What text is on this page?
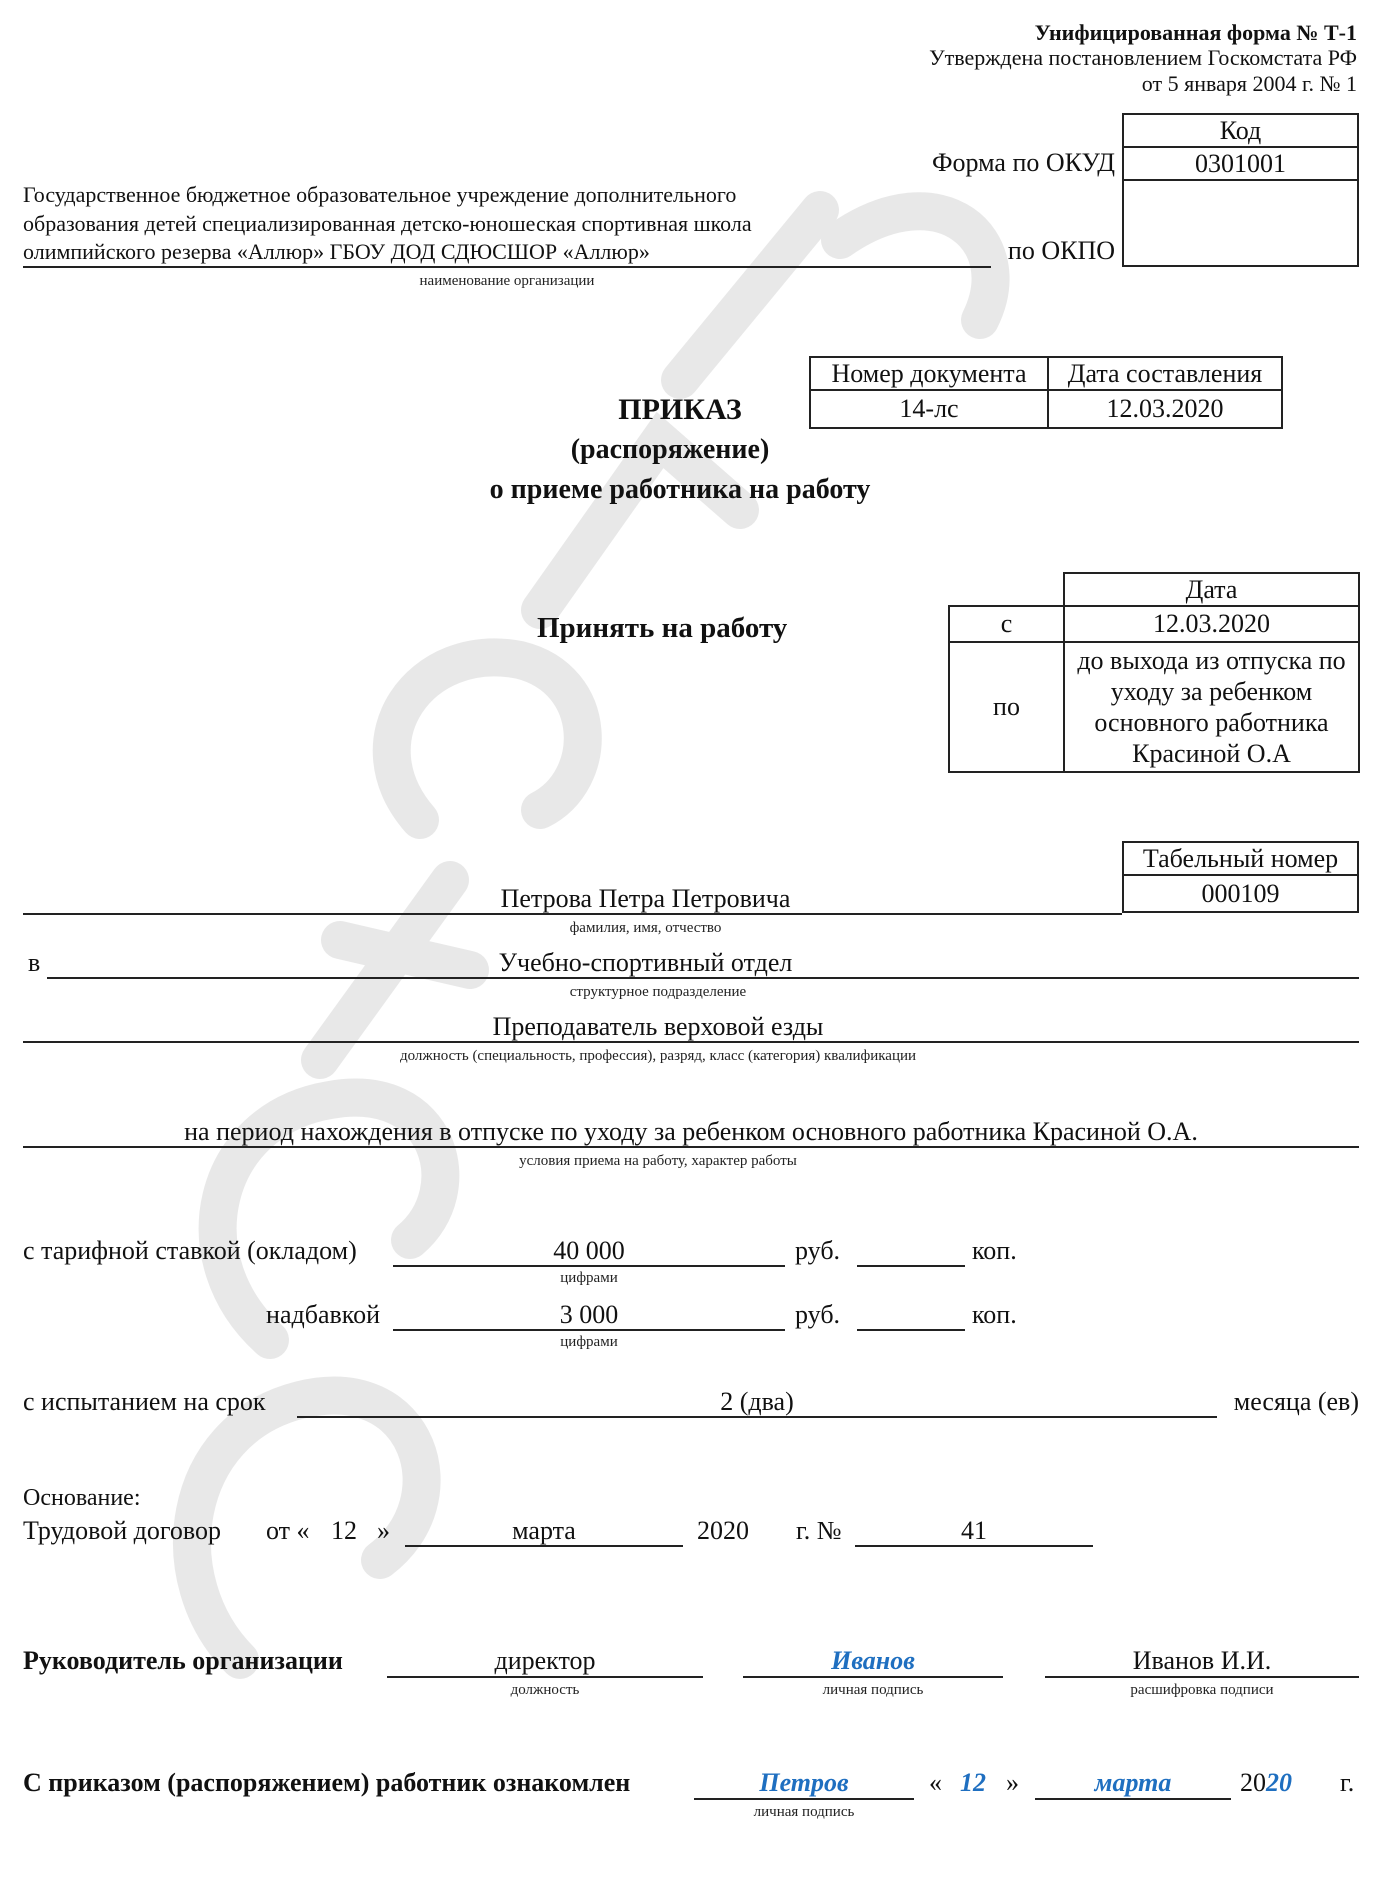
Унифицированная форма № Т-1
Утверждена постановлением Госкомстата РФ
от 5 января 2004 г. № 1
Форма по ОКУД
по ОКПО
Код
0301001

Государственное бюджетное образовательное учреждение дополнительного
образования детей специализированная детско-юношеская спортивная школа
олимпийского резерва «Аллюр» ГБОУ ДОД СДЮСШОР «Аллюр»
наименование организации
Номер документа	Дата составления
14-лс	12.03.2020
ПРИКАЗ
(распоряжение)
о приеме работника на работу
Принять на работу
	Дата
с	12.03.2020
по	до выхода из отпуска по
уходу за ребенком
основного работника
Красиной О.А
Табельный номер
000109
Петрова Петра Петровича
фамилия, имя, отчество
в	Учебно-спортивный отдел
структурное подразделение
Преподаватель верховой езды
должность (специальность, профессия), разряд, класс (категория) квалификации
на период нахождения в отпуске по уходу за ребенком основного работника Красиной О.А.
условия приема на работу, характер работы
с тарифной ставкой (окладом)	40 000
цифрами
руб.	коп.
надбавкой	3 000
цифрами
руб.	коп.
с испытанием на срок	2 (два)	месяца (ев)
Основание:
Трудовой договор от « 12 »	марта	2020 г. №	41
Руководитель организации	директор
должность
Иванов
личная подпись
Иванов И.И.
расшифровка подписи
С приказом (распоряжением) работник ознакомлен	Петров
личная подпись
« 12 »	марта	2020 г.
